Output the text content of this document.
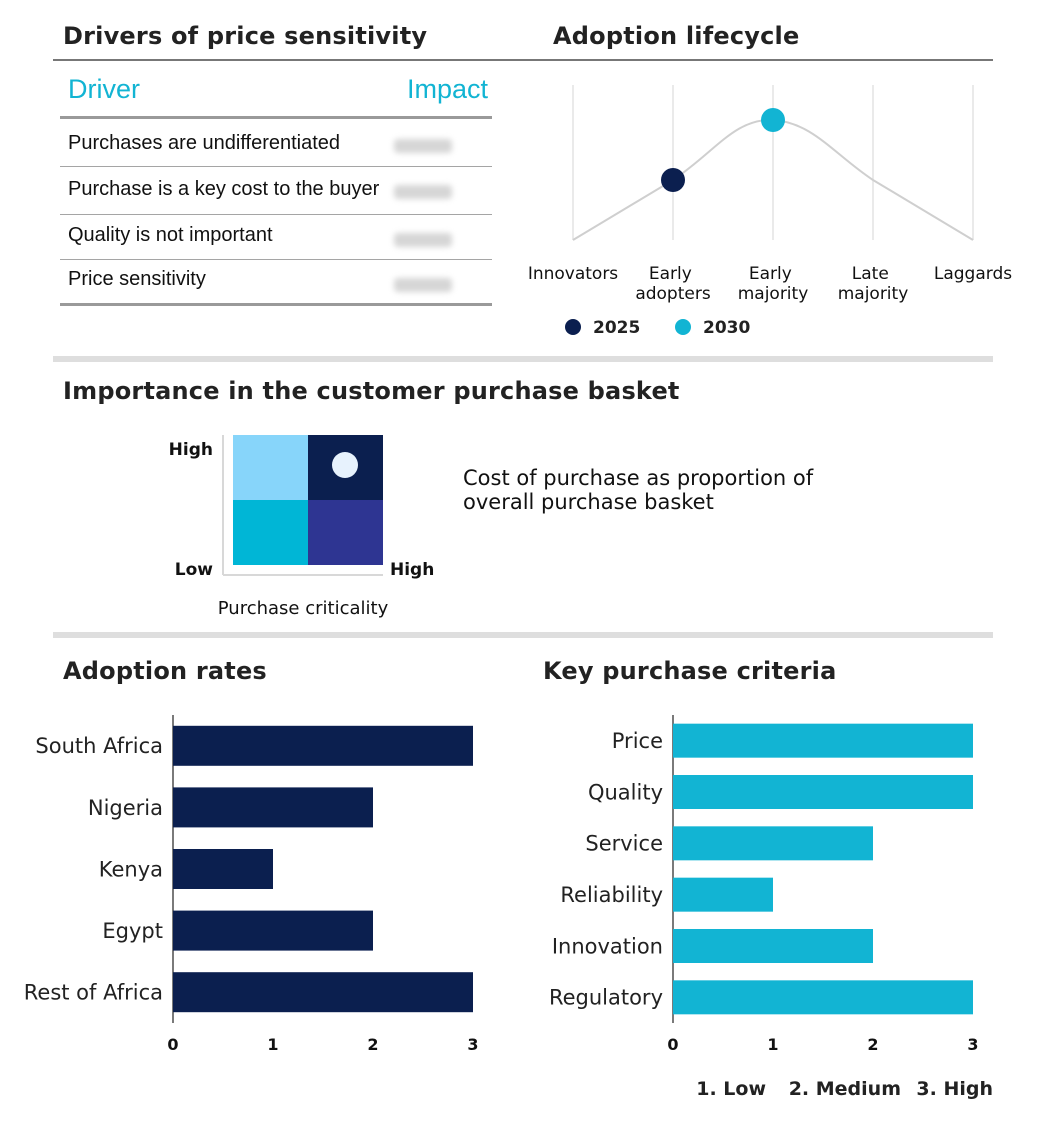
Drivers of price sensitivity	Adoption lifecycle
Driver	Impact
Purchases are undifferentiated
Purchase is a key cost to the buyer
Quality is not important
Price sensitivity	Innovators	Early adopters
Early majority
Late majority
Laggards
2025	2030
Importance in the customer purchase basket
High
Low	High
Purchase criticality
Cost of purchase as proportion of
overall purchase basket
Adoption rates	Key purchase criteria
South Africa
Nigeria
Kenya
Egypt
Rest of Africa
0	1	2	3
Price
Quality
Service
Reliability
Innovation
Regulatory
0	1	2	3
1. Low 2. Medium 3. High
